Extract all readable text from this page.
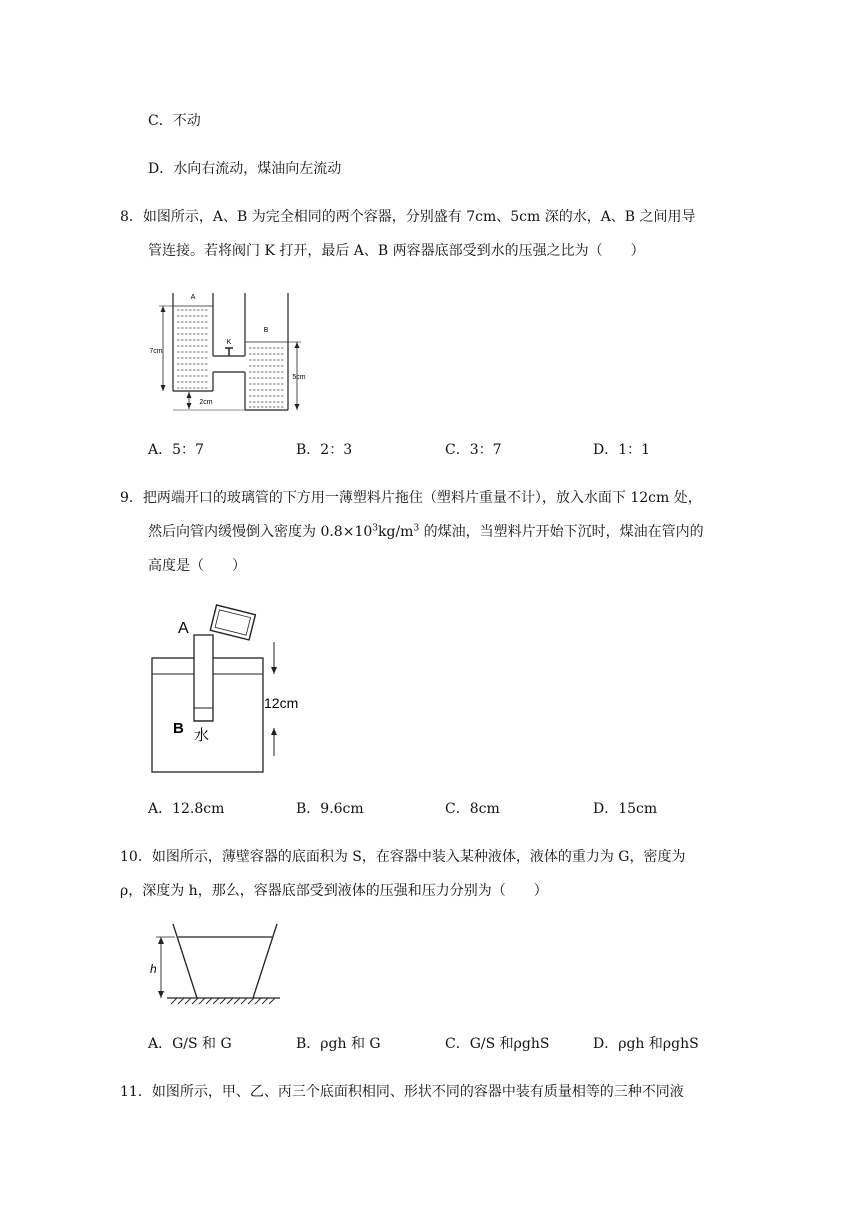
C．不动
D．水向右流动，煤油向左流动
8．如图所示，A、B 为完全相同的两个容器，分别盛有 7cm、5cm 深的水，A、B 之间用导
管连接。若将阀门 K 打开，最后 A、B 两容器底部受到水的压强之比为（　　）
K
A
B
7cm
5cm
2cm
A．5：7	B．2：3	C．3：7	D．1：1
9．把两端开口的玻璃管的下方用一薄塑料片拖住（塑料片重量不计），放入水面下 12cm 处，
然后向管内缓慢倒入密度为 $0.8\times 10^3kg/m^3$ 的煤油，当塑料片开始下沉时，煤油在管内的
高度是（　　）
A
B 水
12cm
A．12.8cm	B．9.6cm	C．8cm	D．15cm
10．如图所示，薄壁容器的底面积为 S，在容器中装入某种液体，液体的重力为 G，密度为
ρ，深度为 h，那么，容器底部受到液体的压强和压力分别为（　　）
h
A．G/S 和 G	B．ρgh 和 G	C．G/S 和ρghS	D．ρgh 和ρghS
11．如图所示，甲、乙、丙三个底面积相同、形状不同的容器中装有质量相等的三种不同液
